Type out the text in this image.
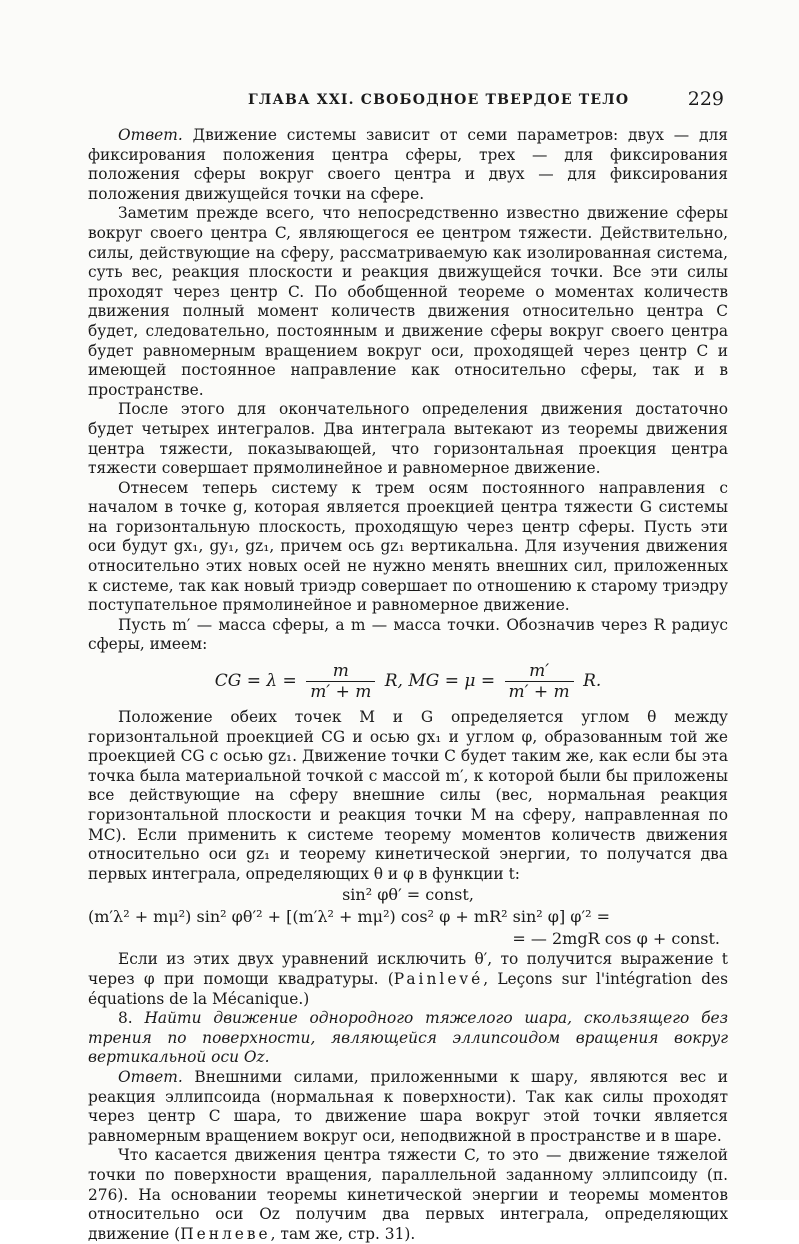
ГЛАВА XXI. СВОБОДНОЕ ТВЕРДОЕ ТЕЛО	229

Ответ. Движение системы зависит от семи параметров: двух — для фиксирования положения центра сферы, трех — для фиксирования положения сферы вокруг своего центра и двух — для фиксирования положения движущейся точки на сфере.

Заметим прежде всего, что непосредственно известно движение сферы вокруг своего центра C, являющегося ее центром тяжести. Действительно, силы, действующие на сферу, рассматриваемую как изолированная система, суть вес, реакция плоскости и реакция движущейся точки. Все эти силы проходят через центр C. По обобщенной теореме о моментах количеств движения полный момент количеств движения относительно центра C будет, следовательно, постоянным и движение сферы вокруг своего центра будет равномерным вращением вокруг оси, проходящей через центр C и имеющей постоянное направление как относительно сферы, так и в пространстве.

После этого для окончательного определения движения достаточно будет четырех интегралов. Два интеграла вытекают из теоремы движения центра тяжести, показывающей, что горизонтальная проекция центра тяжести совершает прямолинейное и равномерное движение.

Отнесем теперь систему к трем осям постоянного направления с началом в точке g, которая является проекцией центра тяжести G системы на горизонтальную плоскость, проходящую через центр сферы. Пусть эти оси будут gx₁, gy₁, gz₁, причем ось gz₁ вертикальна. Для изучения движения относительно этих новых осей не нужно менять внешних сил, приложенных к системе, так как новый триэдр совершает по отношению к старому триэдру поступательное прямолинейное и равномерное движение.

Пусть m′ — масса сферы, а m — масса точки. Обозначив через R радиус сферы, имеем:

CG = $\lambda = \frac{m}{m' + m} R$, MG = $\mu = \frac{m'}{m' + m} R$.

Положение обеих точек M и G определяется углом θ между горизонтальной проекцией CG и осью gx₁ и углом φ, образованным той же проекцией CG с осью gz₁. Движение точки C будет таким же, как если бы эта точка была материальной точкой с массой m′, к которой были бы приложены все действующие на сферу внешние силы (вес, нормальная реакция горизонтальной плоскости и реакция точки M на сферу, направленная по MC). Если применить к системе теорему моментов количеств движения относительно оси gz₁ и теорему кинетической энергии, то получатся два первых интеграла, определяющих θ и φ в функции t:

sin² φθ′ = const,
(m′λ² + mμ²) sin² φθ′² + [(m′λ² + mμ²) cos² φ + mR² sin² φ] φ′² =
= — 2mgR cos φ + const.

Если из этих двух уравнений исключить θ′, то получится выражение t через φ при помощи квадратуры. (Painlevé, Leçons sur l'intégration des équations de la Mécanique.)

8. Найти движение однородного тяжелого шара, скользящего без трения по поверхности, являющейся эллипсоидом вращения вокруг вертикальной оси Oz.

Ответ. Внешними силами, приложенными к шару, являются вес и реакция эллипсоида (нормальная к поверхности). Так как силы проходят через центр C шара, то движение шара вокруг этой точки является равномерным вращением вокруг оси, неподвижной в пространстве и в шаре.

Что касается движения центра тяжести C, то это — движение тяжелой точки по поверхности вращения, параллельной заданному эллипсоиду (п. 276). На основании теоремы кинетической энергии и теоремы моментов относительно оси Oz получим два первых интеграла, определяющих движение (Пенлеве, там же, стр. 31).
